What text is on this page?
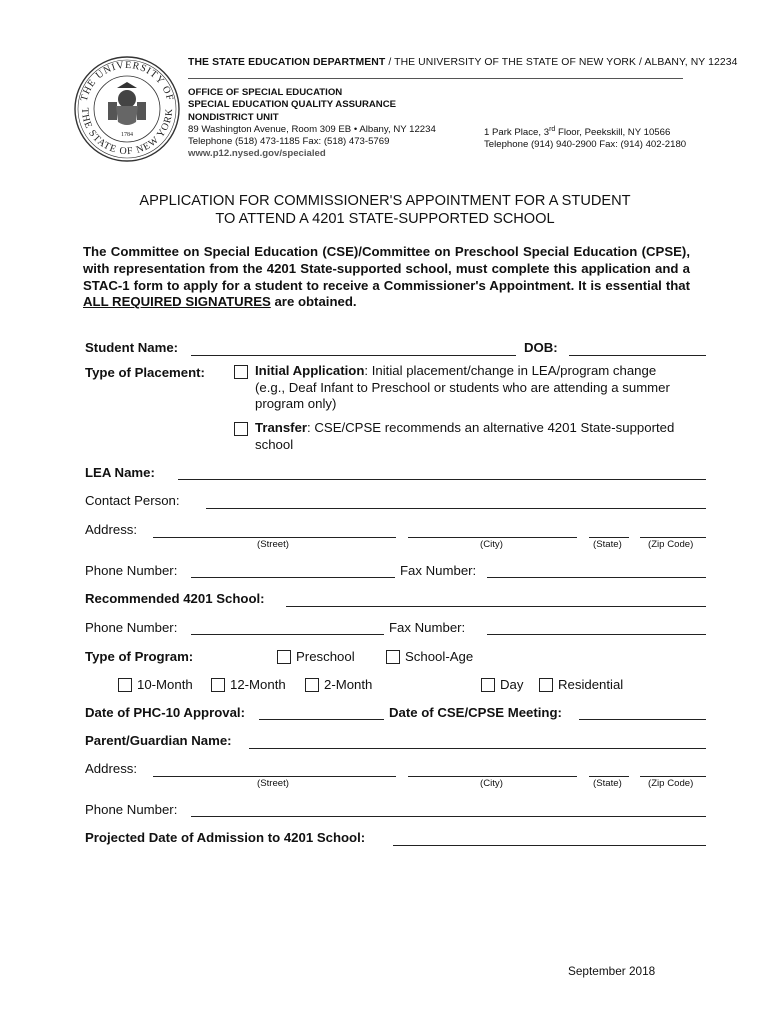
THE UNIVERSITY OF
THE STATE OF NEW YORK
1784
THE STATE EDUCATION DEPARTMENT / THE UNIVERSITY OF THE STATE OF NEW YORK / ALBANY, NY 12234
OFFICE OF SPECIAL EDUCATION
SPECIAL EDUCATION QUALITY ASSURANCE
NONDISTRICT UNIT
89 Washington Avenue, Room 309 EB • Albany, NY 12234
Telephone (518) 473-1185 Fax: (518) 473-5769
www.p12.nysed.gov/specialed
1 Park Place, 3rd Floor, Peekskill, NY 10566
Telephone (914) 940-2900 Fax: (914) 402-2180
APPLICATION FOR COMMISSIONER'S APPOINTMENT FOR A STUDENT
TO ATTEND A 4201 STATE-SUPPORTED SCHOOL
The Committee on Special Education (CSE)/Committee on Preschool Special Education (CPSE), with representation from the 4201 State-supported school, must complete this application and a STAC-1 form to apply for a student to receive a Commissioner's Appointment. It is essential that ALL REQUIRED SIGNATURES are obtained.
Student Name:	DOB:
Type of Placement:	Initial Application: Initial placement/change in LEA/program change
(e.g., Deaf Infant to Preschool or students who are attending a summer
program only)
Transfer: CSE/CPSE recommends an alternative 4201 State-supported
school
LEA Name:
Contact Person:
Address:
(Street)	(City)	(State)	(Zip Code)
Phone Number:	Fax Number:
Recommended 4201 School:
Phone Number:	Fax Number:
Type of Program:	Preschool	School-Age
10-Month	12-Month	2-Month	Day	Residential
Date of PHC-10 Approval:	Date of CSE/CPSE Meeting:
Parent/Guardian Name:
Address:
(Street)	(City)	(State)	(Zip Code)
Phone Number:
Projected Date of Admission to 4201 School:
September 2018
